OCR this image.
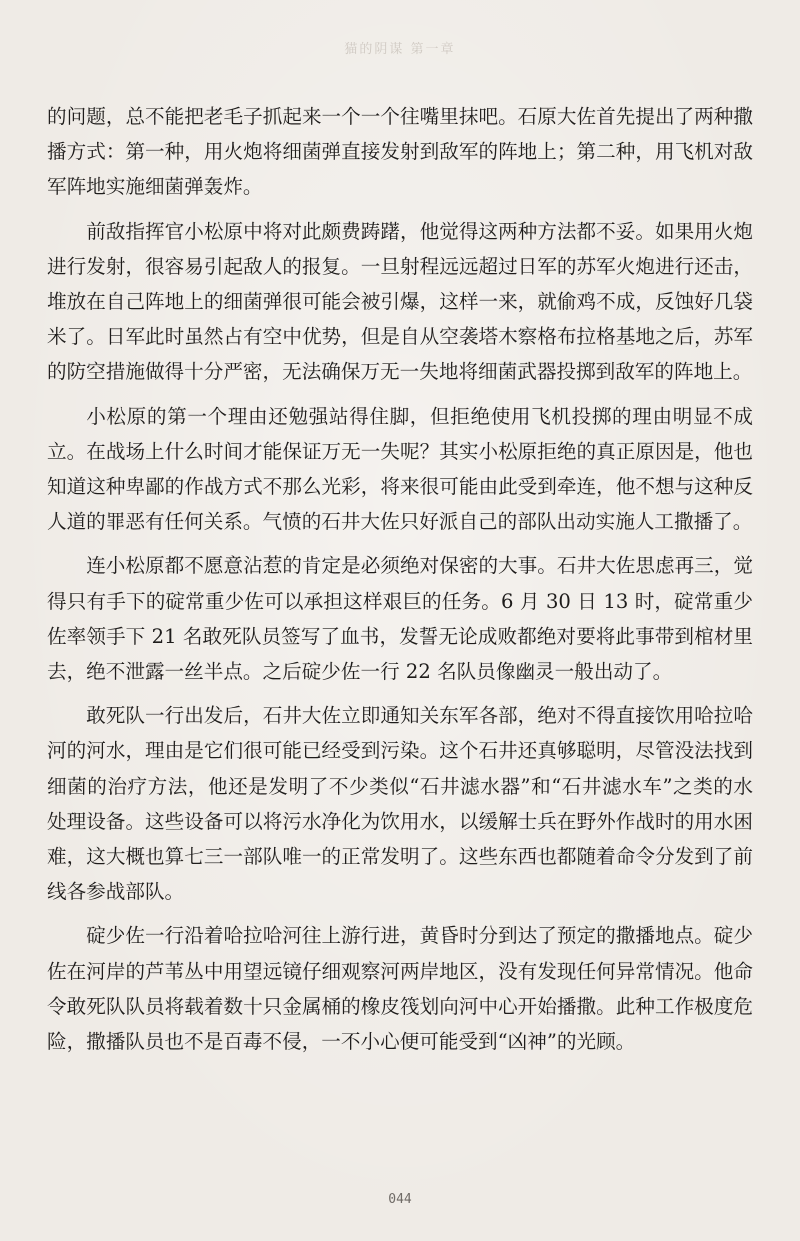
猫的阴谋 第一章

的问题，总不能把老毛子抓起来一个一个往嘴里抹吧。石原大佐首先提出了两种撒播方式：第一种，用火炮将细菌弹直接发射到敌军的阵地上；第二种，用飞机对敌军阵地实施细菌弹轰炸。

前敌指挥官小松原中将对此颇费踌躇，他觉得这两种方法都不妥。如果用火炮进行发射，很容易引起敌人的报复。一旦射程远远超过日军的苏军火炮进行还击，堆放在自己阵地上的细菌弹很可能会被引爆，这样一来，就偷鸡不成，反蚀好几袋米了。日军此时虽然占有空中优势，但是自从空袭塔木察格布拉格基地之后，苏军的防空措施做得十分严密，无法确保万无一失地将细菌武器投掷到敌军的阵地上。

小松原的第一个理由还勉强站得住脚，但拒绝使用飞机投掷的理由明显不成立。在战场上什么时间才能保证万无一失呢？其实小松原拒绝的真正原因是，他也知道这种卑鄙的作战方式不那么光彩，将来很可能由此受到牵连，他不想与这种反人道的罪恶有任何关系。气愤的石井大佐只好派自己的部队出动实施人工撒播了。

连小松原都不愿意沾惹的肯定是必须绝对保密的大事。石井大佐思虑再三，觉得只有手下的碇常重少佐可以承担这样艰巨的任务。6 月 30 日 13 时，碇常重少佐率领手下 21 名敢死队员签写了血书，发誓无论成败都绝对要将此事带到棺材里去，绝不泄露一丝半点。之后碇少佐一行 22 名队员像幽灵一般出动了。

敢死队一行出发后，石井大佐立即通知关东军各部，绝对不得直接饮用哈拉哈河的河水，理由是它们很可能已经受到污染。这个石井还真够聪明，尽管没法找到细菌的治疗方法，他还是发明了不少类似“石井滤水器”和“石井滤水车”之类的水处理设备。这些设备可以将污水净化为饮用水，以缓解士兵在野外作战时的用水困难，这大概也算七三一部队唯一的正常发明了。这些东西也都随着命令分发到了前线各参战部队。

碇少佐一行沿着哈拉哈河往上游行进，黄昏时分到达了预定的撒播地点。碇少佐在河岸的芦苇丛中用望远镜仔细观察河两岸地区，没有发现任何异常情况。他命令敢死队队员将载着数十只金属桶的橡皮筏划向河中心开始播撒。此种工作极度危险，撒播队员也不是百毒不侵，一不小心便可能受到“凶神”的光顾。

044
